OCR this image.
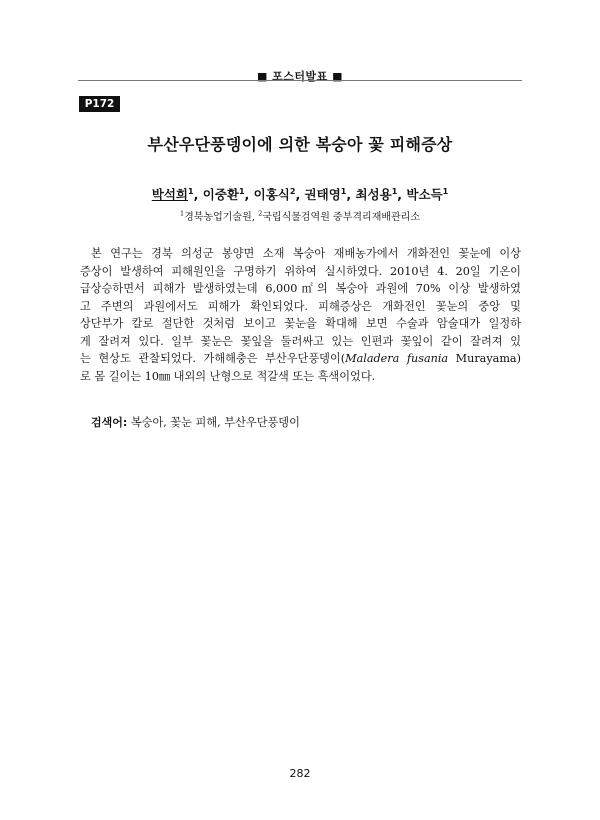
■ 포스터발표 ■
P172
부산우단풍뎅이에 의한 복숭아 꽃 피해증상
박석희$^1$, 이중환$^1$, 이홍식$^2$, 권태영$^1$, 최성용$^1$, 박소득$^1$
$^1$경북농업기술원, $^2$국립식물검역원 중부격리재배관리소
본 연구는 경북 의성군 봉양면 소재 복숭아 재배농가에서 개화전인 꽃눈에 이상
증상이 발생하여 피해원인을 구명하기 위하여 실시하였다. 2010년 4. 20일 기온이
급상승하면서 피해가 발생하였는데 6,000㎡의 복숭아 과원에 70% 이상 발생하였
고 주변의 과원에서도 피해가 확인되었다. 피해증상은 개화전인 꽃눈의 중앙 및
상단부가 칼로 절단한 것처럼 보이고 꽃눈을 확대해 보면 수술과 암술대가 일정하
게 잘려져 있다. 일부 꽃눈은 꽃잎을 둘러싸고 있는 인편과 꽃잎이 같이 잘려져 있
는 현상도 관찰되었다. 가해해충은 부산우단풍뎅이(Maladera fusania Murayama)
로 몸 길이는 10㎜ 내외의 난형으로 적갈색 또는 흑색이었다.
검색어: 복숭아, 꽃눈 피해, 부산우단풍뎅이
282
